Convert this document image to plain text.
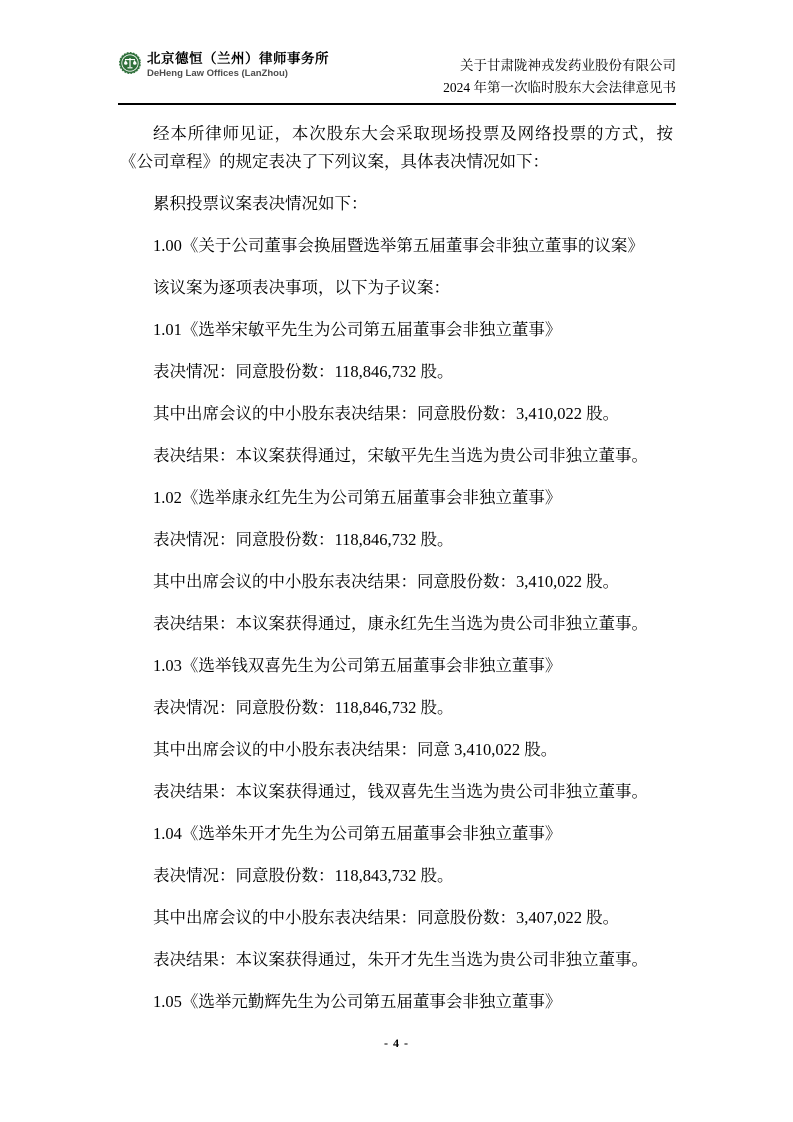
北京德恒（兰州）律师事务所
DeHeng Law Offices (LanZhou)
关于甘肃陇神戎发药业股份有限公司
2024 年第一次临时股东大会法律意见书

经本所律师见证，本次股东大会采取现场投票及网络投票的方式，按《公司章程》的规定表决了下列议案，具体表决情况如下：

累积投票议案表决情况如下：

1.00《关于公司董事会换届暨选举第五届董事会非独立董事的议案》

该议案为逐项表决事项，以下为子议案：

1.01《选举宋敏平先生为公司第五届董事会非独立董事》

表决情况：同意股份数：118,846,732 股。

其中出席会议的中小股东表决结果：同意股份数：3,410,022 股。

表决结果：本议案获得通过，宋敏平先生当选为贵公司非独立董事。

1.02《选举康永红先生为公司第五届董事会非独立董事》

表决情况：同意股份数：118,846,732 股。

其中出席会议的中小股东表决结果：同意股份数：3,410,022 股。

表决结果：本议案获得通过，康永红先生当选为贵公司非独立董事。

1.03《选举钱双喜先生为公司第五届董事会非独立董事》

表决情况：同意股份数：118,846,732 股。

其中出席会议的中小股东表决结果：同意 3,410,022 股。

表决结果：本议案获得通过，钱双喜先生当选为贵公司非独立董事。

1.04《选举朱开才先生为公司第五届董事会非独立董事》

表决情况：同意股份数：118,843,732 股。

其中出席会议的中小股东表决结果：同意股份数：3,407,022 股。

表决结果：本议案获得通过，朱开才先生当选为贵公司非独立董事。

1.05《选举元勤辉先生为公司第五届董事会非独立董事》

- 4 -
